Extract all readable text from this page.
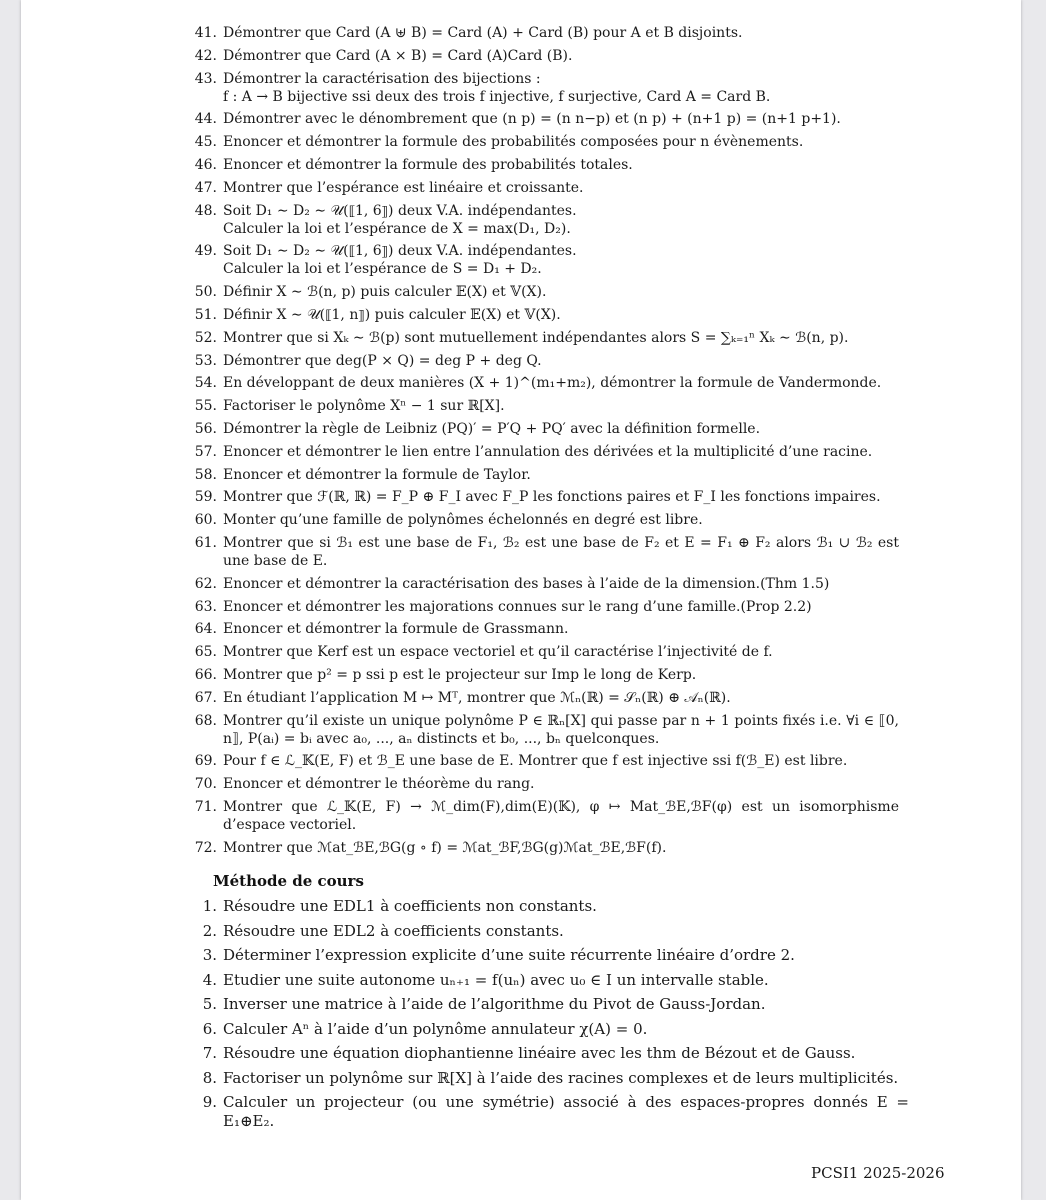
41. Démontrer que Card (A ⊎ B) = Card (A) + Card (B) pour A et B disjoints.
42. Démontrer que Card (A × B) = Card (A)Card (B).
43. Démontrer la caractérisation des bijections :
f : A → B bijective ssi deux des trois f injective, f surjective, Card A = Card B.
44. Démontrer avec le dénombrement que (n p) = (n n−p) et (n p) + (n+1 p) = (n+1 p+1).
45. Enoncer et démontrer la formule des probabilités composées pour n évènements.
46. Enoncer et démontrer la formule des probabilités totales.
47. Montrer que l’espérance est linéaire et croissante.
48. Soit D₁ ∼ D₂ ∼ 𝒰(⟦1, 6⟧) deux V.A. indépendantes.
Calculer la loi et l’espérance de X = max(D₁, D₂).
49. Soit D₁ ∼ D₂ ∼ 𝒰(⟦1, 6⟧) deux V.A. indépendantes.
Calculer la loi et l’espérance de S = D₁ + D₂.
50. Définir X ∼ ℬ(n, p) puis calculer 𝔼(X) et 𝕍(X).
51. Définir X ∼ 𝒰(⟦1, n⟧) puis calculer 𝔼(X) et 𝕍(X).
52. Montrer que si Xₖ ∼ ℬ(p) sont mutuellement indépendantes alors S = ∑ₖ₌₁ⁿ Xₖ ∼ ℬ(n, p).
53. Démontrer que deg(P × Q) = deg P + deg Q.
54. En développant de deux manières (X + 1)^(m₁+m₂), démontrer la formule de Vandermonde.
55. Factoriser le polynôme Xⁿ − 1 sur ℝ[X].
56. Démontrer la règle de Leibniz (PQ)′ = P′Q + PQ′ avec la définition formelle.
57. Enoncer et démontrer le lien entre l’annulation des dérivées et la multiplicité d’une racine.
58. Enoncer et démontrer la formule de Taylor.
59. Montrer que ℱ(ℝ, ℝ) = F_P ⊕ F_I avec F_P les fonctions paires et F_I les fonctions impaires.
60. Monter qu’une famille de polynômes échelonnés en degré est libre.
61. Montrer que si ℬ₁ est une base de F₁, ℬ₂ est une base de F₂ et E = F₁ ⊕ F₂ alors ℬ₁ ∪ ℬ₂ est une base de E.
62. Enoncer et démontrer la caractérisation des bases à l’aide de la dimension.(Thm 1.5)
63. Enoncer et démontrer les majorations connues sur le rang d’une famille.(Prop 2.2)
64. Enoncer et démontrer la formule de Grassmann.
65. Montrer que Kerf est un espace vectoriel et qu’il caractérise l’injectivité de f.
66. Montrer que p² = p ssi p est le projecteur sur Imp le long de Kerp.
67. En étudiant l’application M ↦ Mᵀ, montrer que ℳₙ(ℝ) = 𝒮ₙ(ℝ) ⊕ 𝒜ₙ(ℝ).
68. Montrer qu’il existe un unique polynôme P ∈ ℝₙ[X] qui passe par n + 1 points fixés i.e. ∀i ∈ ⟦0, n⟧, P(aᵢ) = bᵢ avec a₀, ..., aₙ distincts et b₀, ..., bₙ quelconques.
69. Pour f ∈ ℒ_𝕂(E, F) et ℬ_E une base de E. Montrer que f est injective ssi f(ℬ_E) est libre.
70. Enoncer et démontrer le théorème du rang.
71. Montrer que ℒ_𝕂(E, F) → ℳ_dim(F),dim(E)(𝕂), φ ↦ Mat_ℬE,ℬF(φ) est un isomorphisme d’espace vectoriel.
72. Montrer que ℳat_ℬE,ℬG(g ∘ f) = ℳat_ℬF,ℬG(g)ℳat_ℬE,ℬF(f).
Méthode de cours
1. Résoudre une EDL1 à coefficients non constants.
2. Résoudre une EDL2 à coefficients constants.
3. Déterminer l’expression explicite d’une suite récurrente linéaire d’ordre 2.
4. Etudier une suite autonome uₙ₊₁ = f(uₙ) avec u₀ ∈ I un intervalle stable.
5. Inverser une matrice à l’aide de l’algorithme du Pivot de Gauss-Jordan.
6. Calculer Aⁿ à l’aide d’un polynôme annulateur χ(A) = 0.
7. Résoudre une équation diophantienne linéaire avec les thm de Bézout et de Gauss.
8. Factoriser un polynôme sur ℝ[X] à l’aide des racines complexes et de leurs multiplicités.
9. Calculer un projecteur (ou une symétrie) associé à des espaces-propres donnés E = E₁⊕E₂.
PCSI1 2025-2026
